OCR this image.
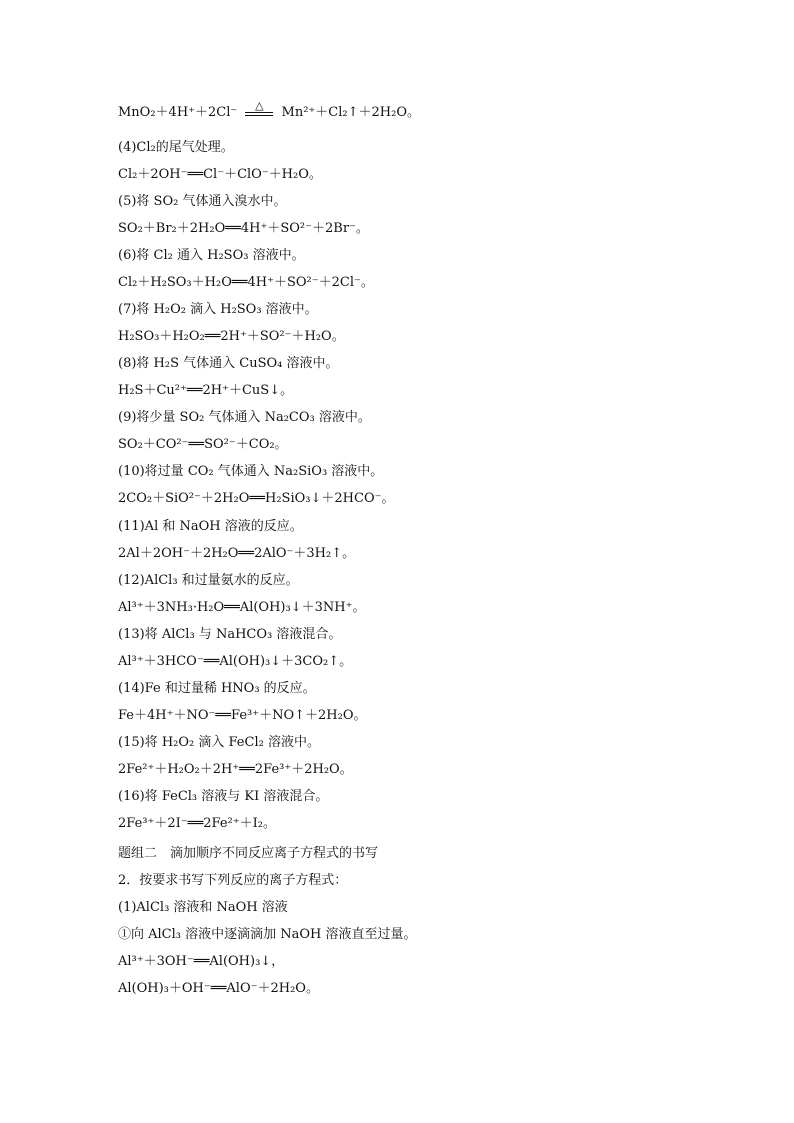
MnO₂＋4H⁺＋2Cl⁻	△	Mn²⁺＋Cl₂↑＋2H₂O。
(4)Cl₂的尾气处理。
Cl₂＋2OH⁻══Cl⁻＋ClO⁻＋H₂O。
(5)将 SO₂ 气体通入溴水中。
SO₂＋Br₂＋2H₂O══4H⁺＋SO²⁻＋2Br⁻。
(6)将 Cl₂ 通入 H₂SO₃ 溶液中。
Cl₂＋H₂SO₃＋H₂O══4H⁺＋SO²⁻＋2Cl⁻。
(7)将 H₂O₂ 滴入 H₂SO₃ 溶液中。
H₂SO₃＋H₂O₂══2H⁺＋SO²⁻＋H₂O。
(8)将 H₂S 气体通入 CuSO₄ 溶液中。
H₂S＋Cu²⁺══2H⁺＋CuS↓。
(9)将少量 SO₂ 气体通入 Na₂CO₃ 溶液中。
SO₂＋CO²⁻══SO²⁻＋CO₂。
(10)将过量 CO₂ 气体通入 Na₂SiO₃ 溶液中。
2CO₂＋SiO²⁻＋2H₂O══H₂SiO₃↓＋2HCO⁻。
(11)Al 和 NaOH 溶液的反应。
2Al＋2OH⁻＋2H₂O══2AlO⁻＋3H₂↑。
(12)AlCl₃ 和过量氨水的反应。
Al³⁺＋3NH₃·H₂O══Al(OH)₃↓＋3NH⁺。
(13)将 AlCl₃ 与 NaHCO₃ 溶液混合。
Al³⁺＋3HCO⁻══Al(OH)₃↓＋3CO₂↑。
(14)Fe 和过量稀 HNO₃ 的反应。
Fe＋4H⁺＋NO⁻══Fe³⁺＋NO↑＋2H₂O。
(15)将 H₂O₂ 滴入 FeCl₂ 溶液中。
2Fe²⁺＋H₂O₂＋2H⁺══2Fe³⁺＋2H₂O。
(16)将 FeCl₃ 溶液与 KI 溶液混合。
2Fe³⁺＋2I⁻══2Fe²⁺＋I₂。
题组二　滴加顺序不同反应离子方程式的书写
2．按要求书写下列反应的离子方程式：
(1)AlCl₃ 溶液和 NaOH 溶液
①向 AlCl₃ 溶液中逐滴滴加 NaOH 溶液直至过量。
Al³⁺＋3OH⁻══Al(OH)₃↓，
Al(OH)₃＋OH⁻══AlO⁻＋2H₂O。
